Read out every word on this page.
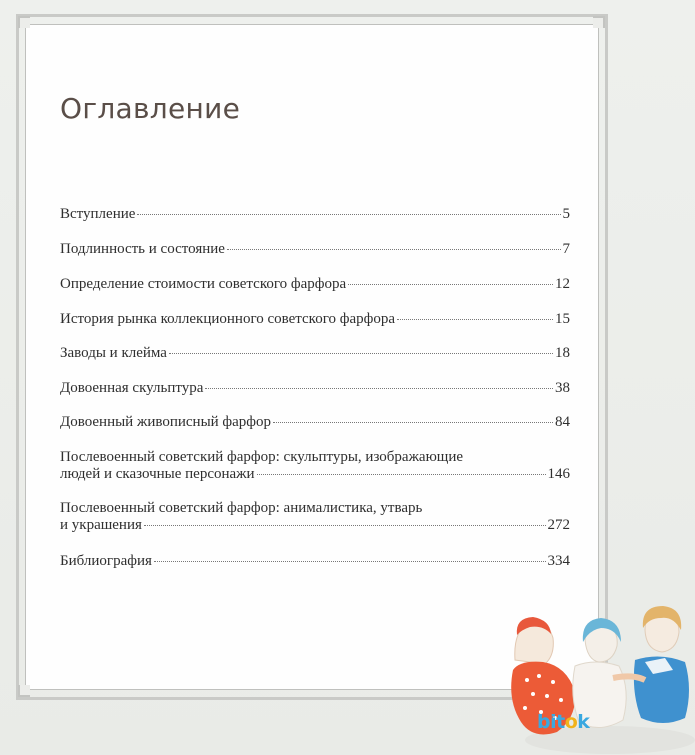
Оглавление
Вступление	5
Подлинность и состояние	7
Определение стоимости советского фарфора	12
История рынка коллекционного советского фарфора	15
Заводы и клейма	18
Довоенная скульптура	38
Довоенный живописный фарфор	84
Послевоенный советский фарфор: скульптуры, изображающие
людей и сказочные персонажи	146
Послевоенный советский фарфор: анималистика, утварь
и украшения	272
Библиография	334
bitok
